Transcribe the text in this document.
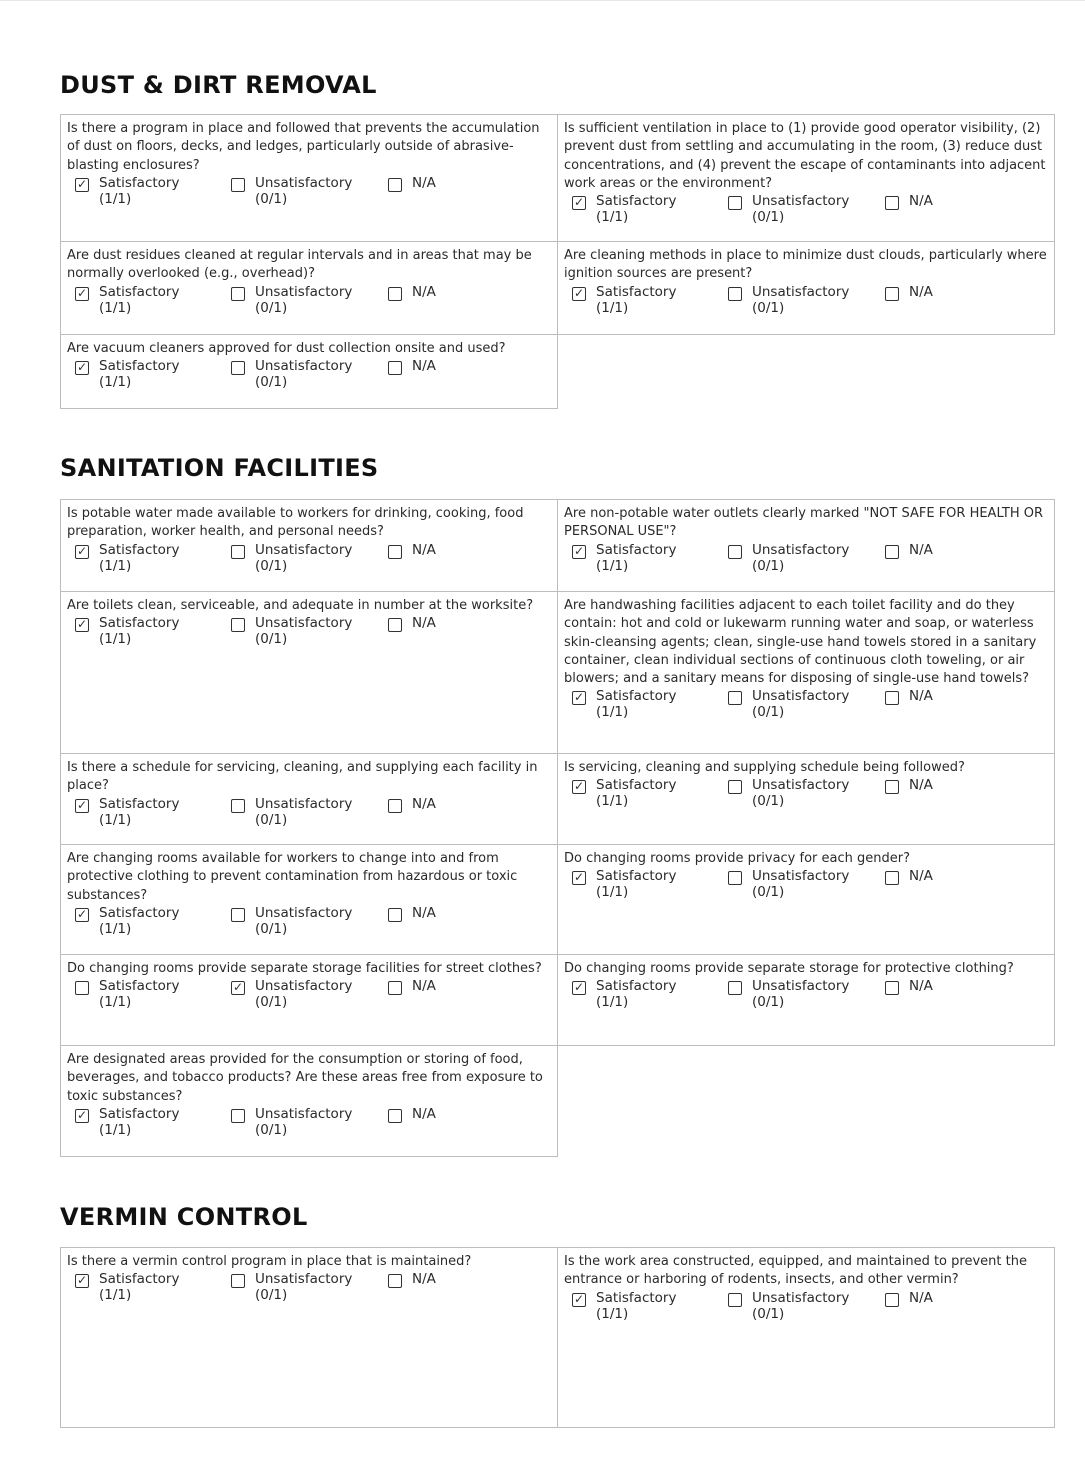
DUST & DIRT REMOVAL

Is there a program in place and followed that prevents the accumulation of dust on floors, decks, and ledges, particularly outside of abrasive-blasting enclosures?

✓ Satisfactory
(1/1)
Unsatisfactory
(0/1)
N/A

Is sufficient ventilation in place to (1) provide good operator visibility, (2) prevent dust from settling and accumulating in the room, (3) reduce dust concentrations, and (4) prevent the escape of contaminants into adjacent work areas or the environment?

✓ Satisfactory
(1/1)
Unsatisfactory
(0/1)
N/A

Are dust residues cleaned at regular intervals and in areas that may be normally overlooked (e.g., overhead)?

✓ Satisfactory
(1/1)
Unsatisfactory
(0/1)
N/A

Are cleaning methods in place to minimize dust clouds, particularly where ignition sources are present?

✓ Satisfactory
(1/1)
Unsatisfactory
(0/1)
N/A

Are vacuum cleaners approved for dust collection onsite and used?

✓ Satisfactory
(1/1)
Unsatisfactory
(0/1)
N/A
SANITATION FACILITIES

Is potable water made available to workers for drinking, cooking, food preparation, worker health, and personal needs?

✓ Satisfactory
(1/1)
Unsatisfactory
(0/1)
N/A

Are non-potable water outlets clearly marked "NOT SAFE FOR HEALTH OR PERSONAL USE"?

✓ Satisfactory
(1/1)
Unsatisfactory
(0/1)
N/A

Are toilets clean, serviceable, and adequate in number at the worksite?

✓ Satisfactory
(1/1)
Unsatisfactory
(0/1)
N/A

Are handwashing facilities adjacent to each toilet facility and do they contain: hot and cold or lukewarm running water and soap, or waterless skin-cleansing agents; clean, single-use hand towels stored in a sanitary container, clean individual sections of continuous cloth toweling, or air blowers; and a sanitary means for disposing of single-use hand towels?

✓ Satisfactory
(1/1)
Unsatisfactory
(0/1)
N/A

Is there a schedule for servicing, cleaning, and supplying each facility in place?

✓ Satisfactory
(1/1)
Unsatisfactory
(0/1)
N/A

Is servicing, cleaning and supplying schedule being followed?

✓ Satisfactory
(1/1)
Unsatisfactory
(0/1)
N/A

Are changing rooms available for workers to change into and from protective clothing to prevent contamination from hazardous or toxic substances?

✓ Satisfactory
(1/1)
Unsatisfactory
(0/1)
N/A

Do changing rooms provide privacy for each gender?

✓ Satisfactory
(1/1)
Unsatisfactory
(0/1)
N/A

Do changing rooms provide separate storage facilities for street clothes?

Satisfactory
(1/1)
✓ Unsatisfactory
(0/1)
N/A

Do changing rooms provide separate storage for protective clothing?

✓ Satisfactory
(1/1)
Unsatisfactory
(0/1)
N/A

Are designated areas provided for the consumption or storing of food, beverages, and tobacco products? Are these areas free from exposure to toxic substances?

✓ Satisfactory
(1/1)
Unsatisfactory
(0/1)
N/A
VERMIN CONTROL

Is there a vermin control program in place that is maintained?

✓ Satisfactory
(1/1)
Unsatisfactory
(0/1)
N/A

Is the work area constructed, equipped, and maintained to prevent the entrance or harboring of rodents, insects, and other vermin?

✓ Satisfactory
(1/1)
Unsatisfactory
(0/1)
N/A
